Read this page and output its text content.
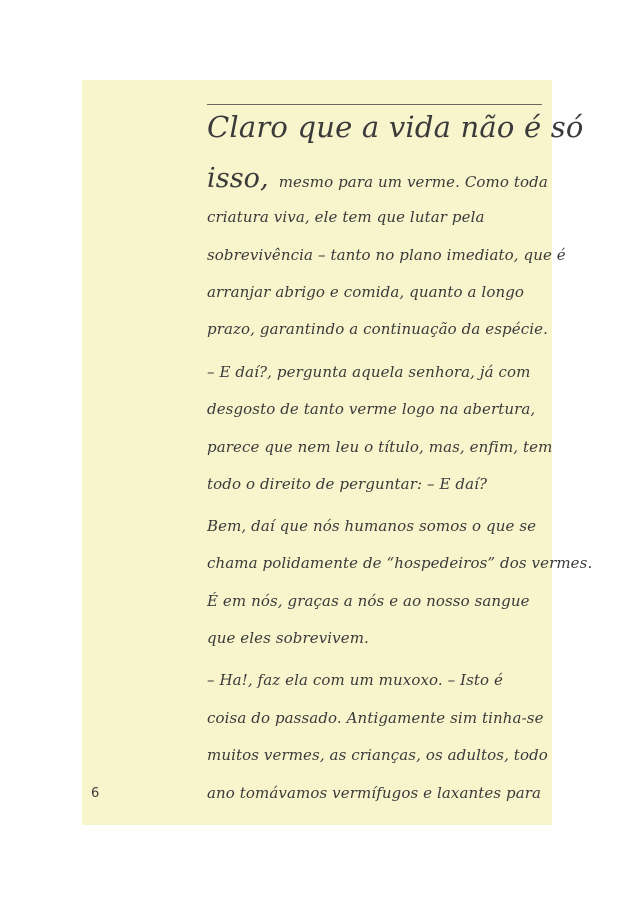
Claro que a vida não é só
isso, mesmo para um verme. Como toda
criatura viva, ele tem que lutar pela
sobrevivência – tanto no plano imediato, que é
arranjar abrigo e comida, quanto a longo
prazo, garantindo a continuação da espécie.
– E daí?, pergunta aquela senhora, já com
desgosto de tanto verme logo na abertura,
parece que nem leu o título, mas, enfim, tem
todo o direito de perguntar: – E daí?
Bem, daí que nós humanos somos o que se
chama polidamente de “hospedeiros” dos vermes.
É em nós, graças a nós e ao nosso sangue
que eles sobrevivem.
– Ha!, faz ela com um muxoxo. – Isto é
coisa do passado. Antigamente sim tinha-se
muitos vermes, as crianças, os adultos, todo
ano tomávamos vermífugos e laxantes para
6
